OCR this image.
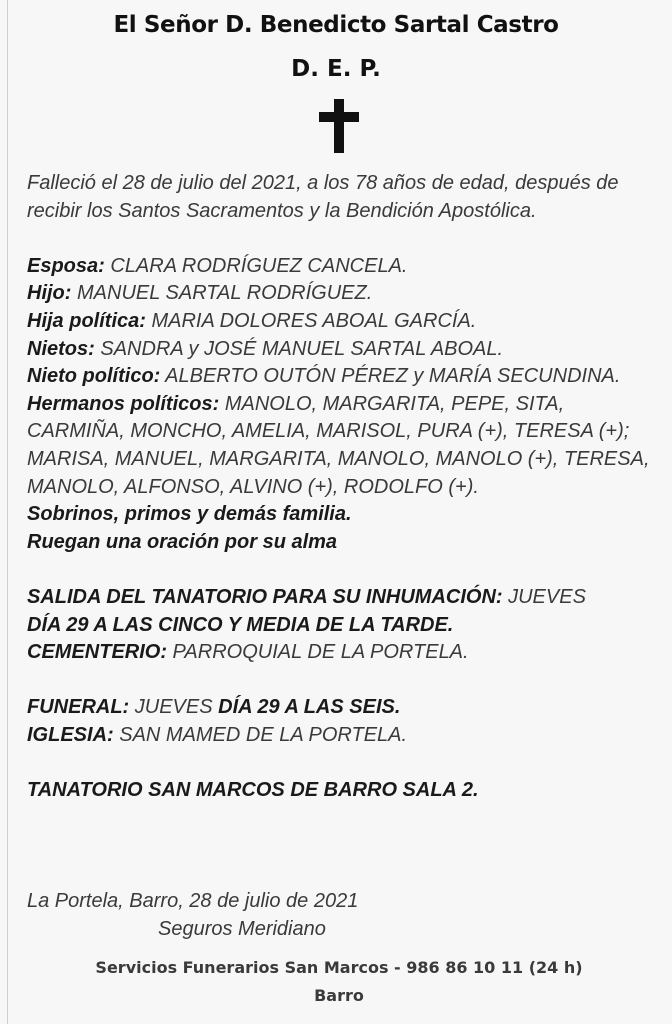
El Señor D. Benedicto Sartal Castro
D. E. P.

Falleció el 28 de julio del 2021, a los 78 años de edad, después de recibir los Santos Sacramentos y la Bendición Apostólica.

Esposa: CLARA RODRÍGUEZ CANCELA.

Hijo: MANUEL SARTAL RODRÍGUEZ.

Hija política: MARIA DOLORES ABOAL GARCÍA.

Nietos: SANDRA y JOSÉ MANUEL SARTAL ABOAL.

Nieto político: ALBERTO OUTÓN PÉREZ y MARÍA SECUNDINA.

Hermanos políticos: MANOLO, MARGARITA, PEPE, SITA, CARMIÑA, MONCHO, AMELIA, MARISOL, PURA (+), TERESA (+); MARISA, MANUEL, MARGARITA, MANOLO, MANOLO (+), TERESA, MANOLO, ALFONSO, ALVINO (+), RODOLFO (+).

Sobrinos, primos y demás familia.

Ruegan una oración por su alma

SALIDA DEL TANATORIO PARA SU INHUMACIÓN: JUEVES

DÍA 29 A LAS CINCO Y MEDIA DE LA TARDE.

CEMENTERIO: PARROQUIAL DE LA PORTELA.

FUNERAL: JUEVES DÍA 29 A LAS SEIS.

IGLESIA: SAN MAMED DE LA PORTELA.

TANATORIO SAN MARCOS DE BARRO SALA 2.

La Portela, Barro, 28 de julio de 2021
Seguros Meridiano
Servicios Funerarios San Marcos - 986 86 10 11 (24 h)
Barro
